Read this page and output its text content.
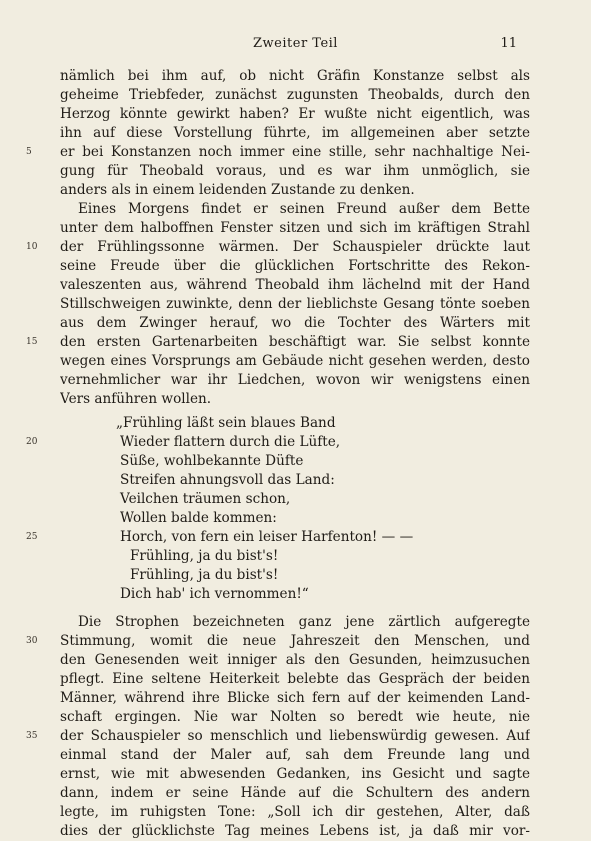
Zweiter Teil	11
nämlich bei ihm auf, ob nicht Gräfin Konstanze selbst als
geheime Triebfeder, zunächst zugunsten Theobalds, durch den
Herzog könnte gewirkt haben? Er wußte nicht eigentlich, was
ihn auf diese Vorstellung führte, im allgemeinen aber setzte
er bei Konstanzen noch immer eine stille, sehr nachhaltige Nei-
gung für Theobald voraus, und es war ihm unmöglich, sie
anders als in einem leidenden Zustande zu denken.
Eines Morgens findet er seinen Freund außer dem Bette
unter dem halboffnen Fenster sitzen und sich im kräftigen Strahl
der Frühlingssonne wärmen. Der Schauspieler drückte laut
seine Freude über die glücklichen Fortschritte des Rekon-
valeszenten aus, während Theobald ihm lächelnd mit der Hand
Stillschweigen zuwinkte, denn der lieblichste Gesang tönte soeben
aus dem Zwinger herauf, wo die Tochter des Wärters mit
den ersten Gartenarbeiten beschäftigt war. Sie selbst konnte
wegen eines Vorsprungs am Gebäude nicht gesehen werden, desto
vernehmlicher war ihr Liedchen, wovon wir wenigstens einen
Vers anführen wollen.
„Frühling läßt sein blaues Band
Wieder flattern durch die Lüfte,
Süße, wohlbekannte Düfte
Streifen ahnungsvoll das Land:
Veilchen träumen schon,
Wollen balde kommen:
Horch, von fern ein leiser Harfenton! — —
Frühling, ja du bist's!
Frühling, ja du bist's!
Dich hab' ich vernommen!“
Die Strophen bezeichneten ganz jene zärtlich aufgeregte
Stimmung, womit die neue Jahreszeit den Menschen, und
den Genesenden weit inniger als den Gesunden, heimzusuchen
pflegt. Eine seltene Heiterkeit belebte das Gespräch der beiden
Männer, während ihre Blicke sich fern auf der keimenden Land-
schaft ergingen. Nie war Nolten so beredt wie heute, nie
der Schauspieler so menschlich und liebenswürdig gewesen. Auf
einmal stand der Maler auf, sah dem Freunde lang und
ernst, wie mit abwesenden Gedanken, ins Gesicht und sagte
dann, indem er seine Hände auf die Schultern des andern
legte, im ruhigsten Tone: „Soll ich dir gestehen, Alter, daß
dies der glücklichste Tag meines Lebens ist, ja daß mir vor-
5
10
15
20
25
30
35
